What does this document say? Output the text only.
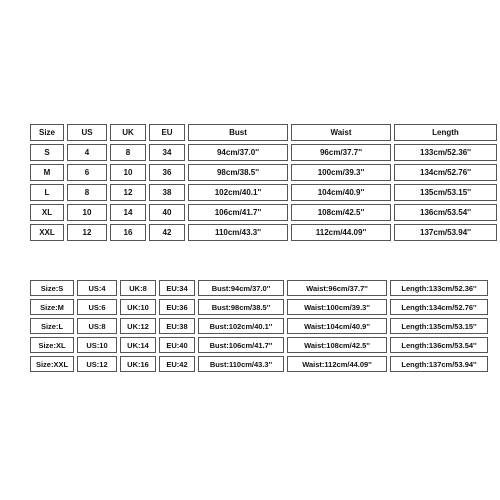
Size	US	UK	EU	Bust	Waist	Length
S	4	8	34	94cm/37.0''	96cm/37.7''	133cm/52.36''
M	6	10	36	98cm/38.5''	100cm/39.3''	134cm/52.76''
L	8	12	38	102cm/40.1''	104cm/40.9''	135cm/53.15''
XL	10	14	40	106cm/41.7''	108cm/42.5''	136cm/53.54''
XXL	12	16	42	110cm/43.3''	112cm/44.09''	137cm/53.94''
Size:S	US:4	UK:8	EU:34	Bust:94cm/37.0''	Waist:96cm/37.7''	Length:133cm/52.36''
Size:M	US:6	UK:10	EU:36	Bust:98cm/38.5''	Waist:100cm/39.3''	Length:134cm/52.76''
Size:L	US:8	UK:12	EU:38	Bust:102cm/40.1''	Waist:104cm/40.9''	Length:135cm/53.15''
Size:XL	US:10	UK:14	EU:40	Bust:106cm/41.7''	Waist:108cm/42.5''	Length:136cm/53.54''
Size:XXL	US:12	UK:16	EU:42	Bust:110cm/43.3''	Waist:112cm/44.09''	Length:137cm/53.94''
